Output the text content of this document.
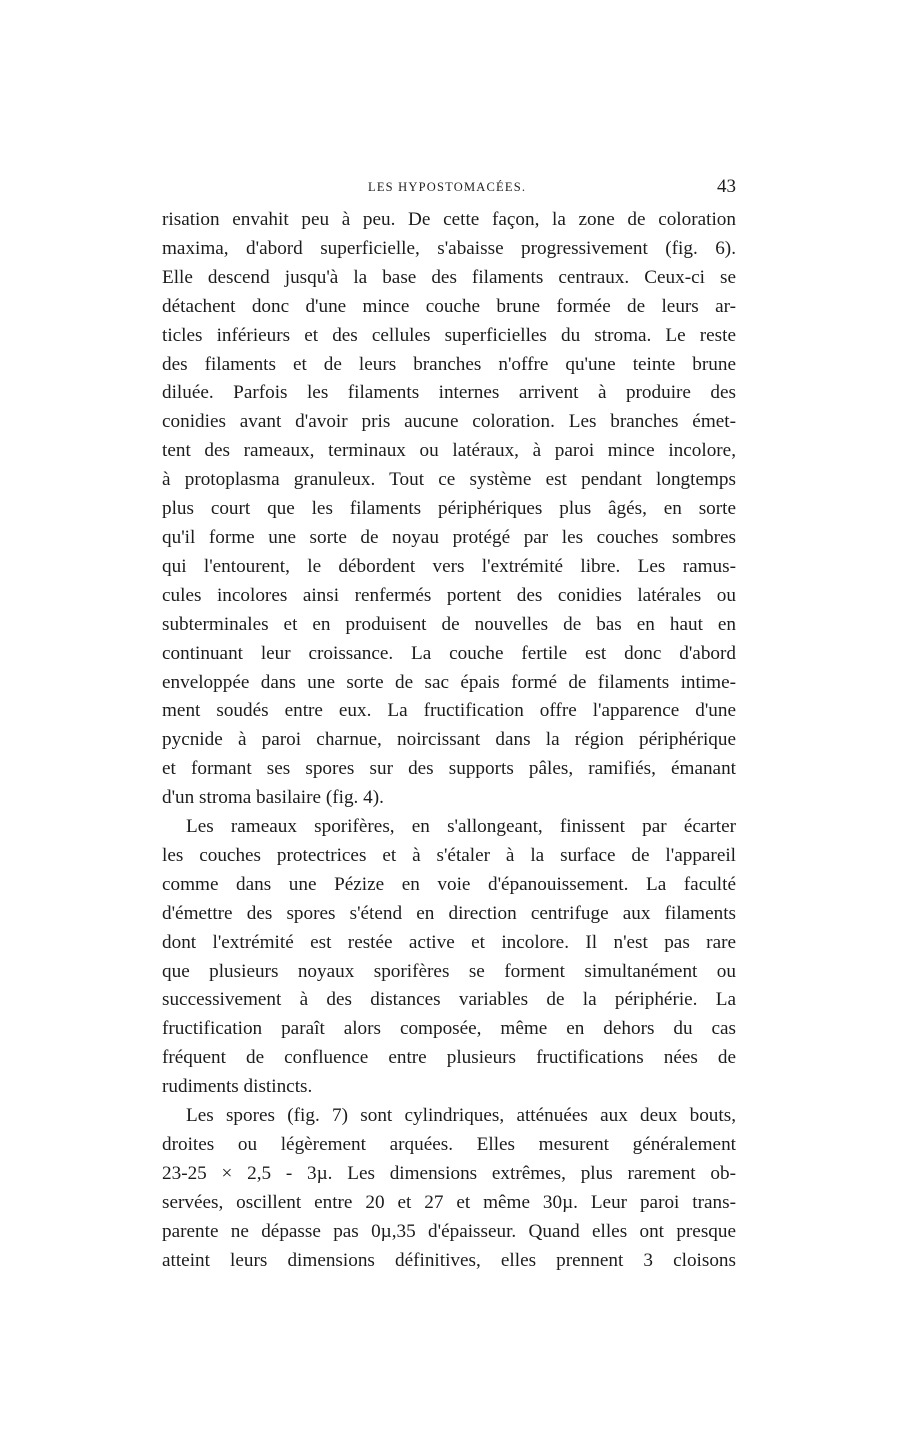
LES HYPOSTOMACÉES.	43

risation envahit peu à peu. De cette façon, la zone de coloration
maxima, d'abord superficielle, s'abaisse progressivement (fig. 6).
Elle descend jusqu'à la base des filaments centraux. Ceux-ci se
détachent donc d'une mince couche brune formée de leurs ar-
ticles inférieurs et des cellules superficielles du stroma. Le reste
des filaments et de leurs branches n'offre qu'une teinte brune
diluée. Parfois les filaments internes arrivent à produire des
conidies avant d'avoir pris aucune coloration. Les branches émet-
tent des rameaux, terminaux ou latéraux, à paroi mince incolore,
à protoplasma granuleux. Tout ce système est pendant longtemps
plus court que les filaments périphériques plus âgés, en sorte
qu'il forme une sorte de noyau protégé par les couches sombres
qui l'entourent, le débordent vers l'extrémité libre. Les ramus-
cules incolores ainsi renfermés portent des conidies latérales ou
subterminales et en produisent de nouvelles de bas en haut en
continuant leur croissance. La couche fertile est donc d'abord
enveloppée dans une sorte de sac épais formé de filaments intime-
ment soudés entre eux. La fructification offre l'apparence d'une
pycnide à paroi charnue, noircissant dans la région périphérique
et formant ses spores sur des supports pâles, ramifiés, émanant
d'un stroma basilaire (fig. 4).

Les rameaux sporifères, en s'allongeant, finissent par écarter
les couches protectrices et à s'étaler à la surface de l'appareil
comme dans une Pézize en voie d'épanouissement. La faculté
d'émettre des spores s'étend en direction centrifuge aux filaments
dont l'extrémité est restée active et incolore. Il n'est pas rare
que plusieurs noyaux sporifères se forment simultanément ou
successivement à des distances variables de la périphérie. La
fructification paraît alors composée, même en dehors du cas
fréquent de confluence entre plusieurs fructifications nées de
rudiments distincts.

Les spores (fig. 7) sont cylindriques, atténuées aux deux bouts,
droites ou légèrement arquées. Elles mesurent généralement
23-25 × 2,5 - 3µ. Les dimensions extrêmes, plus rarement ob-
servées, oscillent entre 20 et 27 et même 30µ. Leur paroi trans-
parente ne dépasse pas 0µ,35 d'épaisseur. Quand elles ont presque
atteint leurs dimensions définitives, elles prennent 3 cloisons
